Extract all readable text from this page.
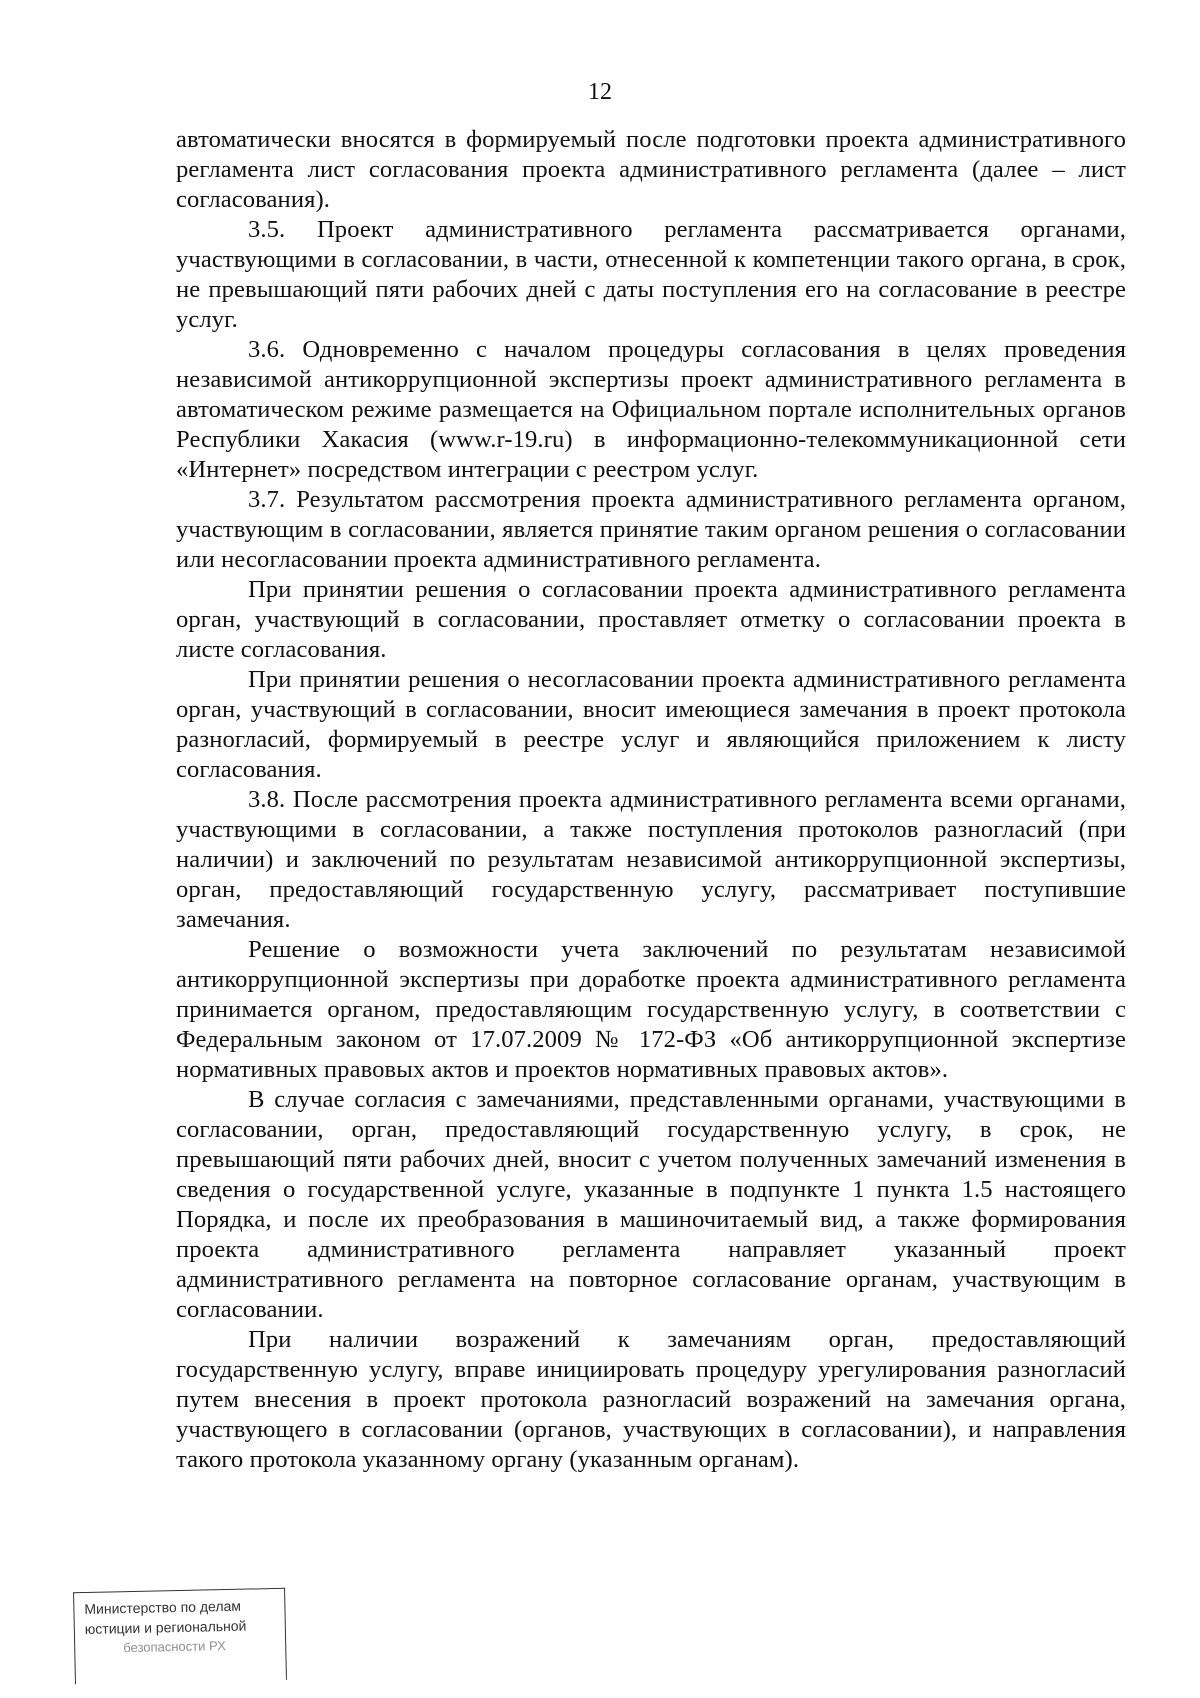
12

автоматически вносятся в формируемый после подготовки проекта административного регламента лист согласования проекта административного регламента (далее – лист согласования).

3.5. Проект административного регламента рассматривается органами, участвующими в согласовании, в части, отнесенной к компетенции такого органа, в срок, не превышающий пяти рабочих дней с даты поступления его на согласование в реестре услуг.

3.6. Одновременно с началом процедуры согласования в целях проведения независимой антикоррупционной экспертизы проект административного регламента в автоматическом режиме размещается на Официальном портале исполнительных органов Республики Хакасия (www.r-19.ru) в информационно-телекоммуникационной сети «Интернет» посредством интеграции с реестром услуг.

3.7. Результатом рассмотрения проекта административного регламента органом, участвующим в согласовании, является принятие таким органом решения о согласовании или несогласовании проекта административного регламента.

При принятии решения о согласовании проекта административного регламента орган, участвующий в согласовании, проставляет отметку о согласовании проекта в листе согласования.

При принятии решения о несогласовании проекта административного регламента орган, участвующий в согласовании, вносит имеющиеся замечания в проект протокола разногласий, формируемый в реестре услуг и являющийся приложением к листу согласования.

3.8. После рассмотрения проекта административного регламента всеми органами, участвующими в согласовании, а также поступления протоколов разногласий (при наличии) и заключений по результатам независимой антикоррупционной экспертизы, орган, предоставляющий государственную услугу, рассматривает поступившие замечания.

Решение о возможности учета заключений по результатам независимой антикоррупционной экспертизы при доработке проекта административного регламента принимается органом, предоставляющим государственную услугу, в соответствии с Федеральным законом от 17.07.2009 № 172-ФЗ «Об антикоррупционной экспертизе нормативных правовых актов и проектов нормативных правовых актов».

В случае согласия с замечаниями, представленными органами, участвующими в согласовании, орган, предоставляющий государственную услугу, в срок, не превышающий пяти рабочих дней, вносит с учетом полученных замечаний изменения в сведения о государственной услуге, указанные в подпункте 1 пункта 1.5 настоящего Порядка, и после их преобразования в машиночитаемый вид, а также формирования проекта административного регламента направляет указанный проект административного регламента на повторное согласование органам, участвующим в согласовании.

При наличии возражений к замечаниям орган, предоставляющий государственную услугу, вправе инициировать процедуру урегулирования разногласий путем внесения в проект протокола разногласий возражений на замечания органа, участвующего в согласовании (органов, участвующих в согласовании), и направления такого протокола указанному органу (указанным органам).

Министерство по делам
юстиции и региональной
безопасности РХ
